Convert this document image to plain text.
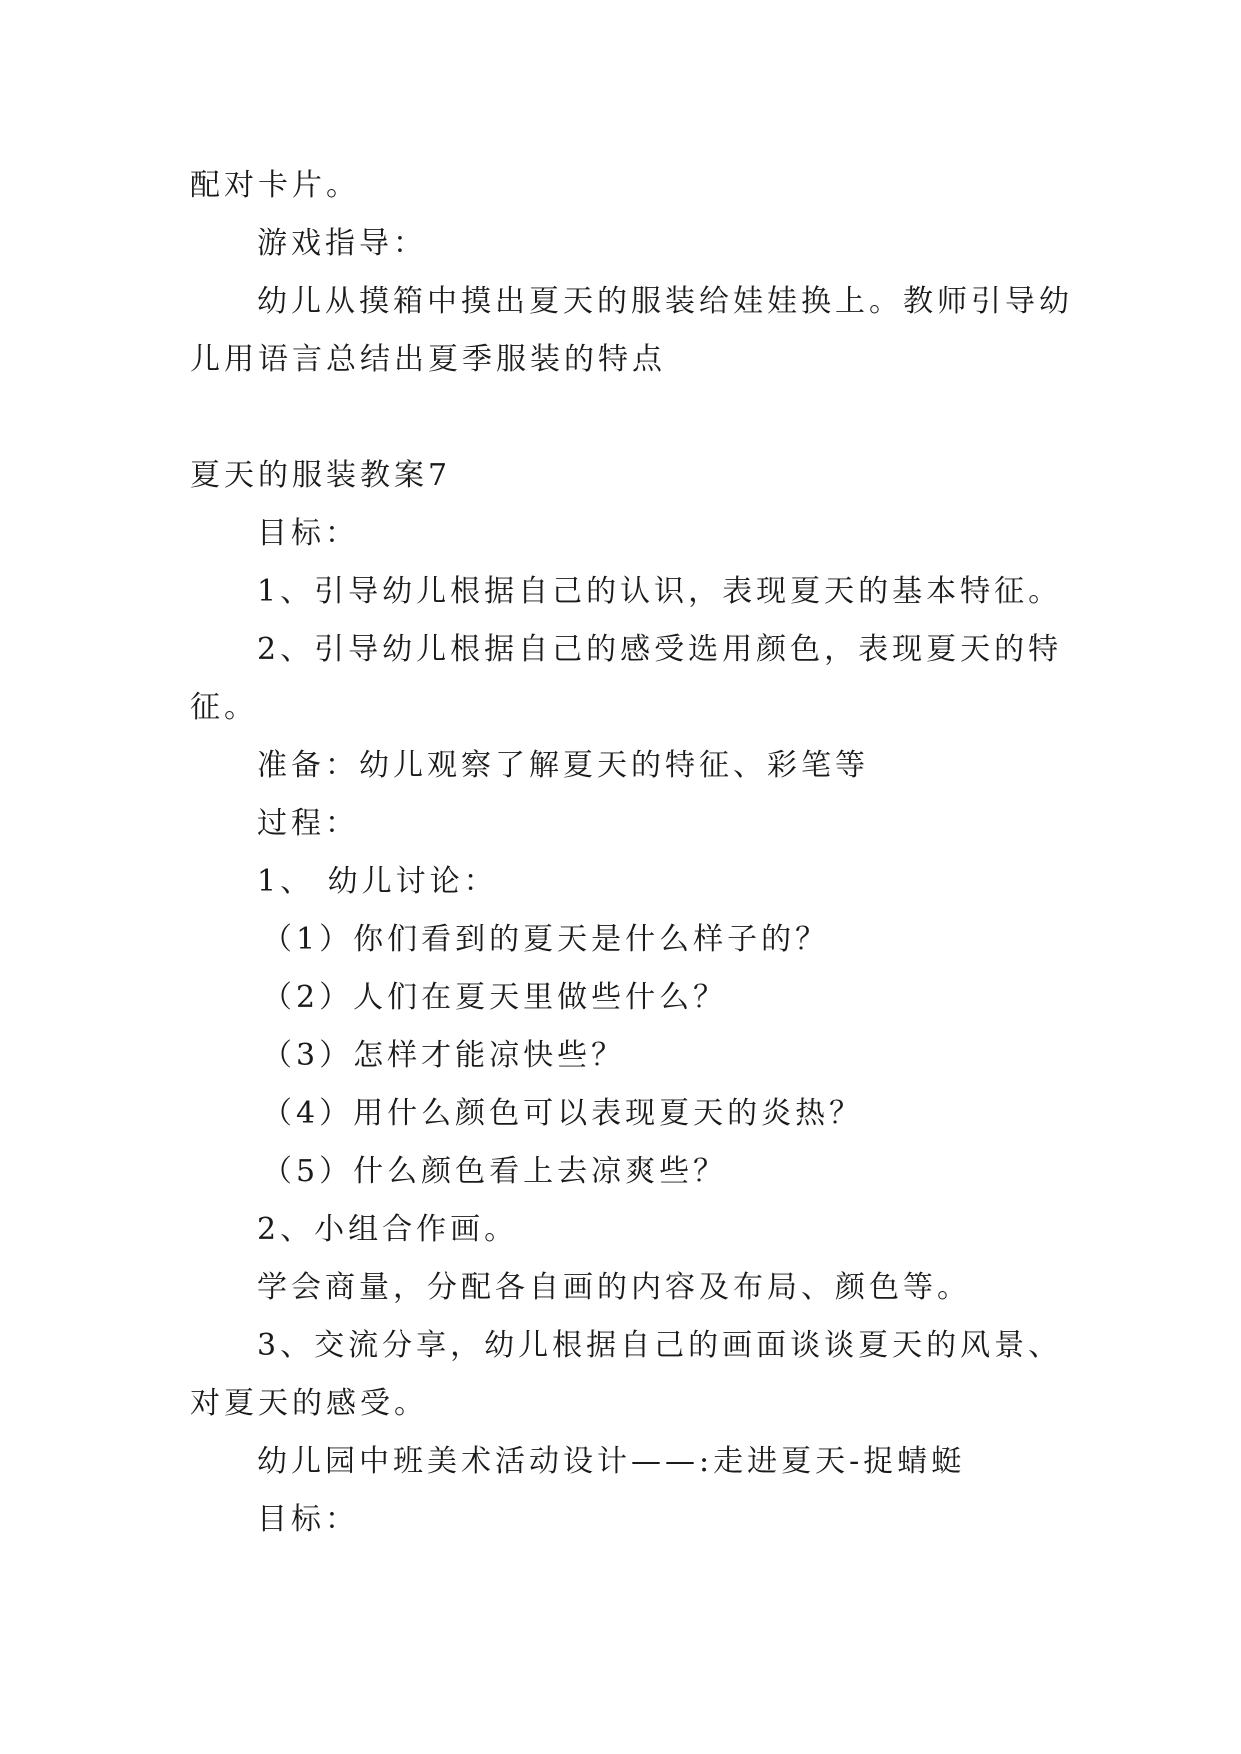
配对卡片。
游戏指导：
幼儿从摸箱中摸出夏天的服装给娃娃换上。教师引导幼
儿用语言总结出夏季服装的特点
夏天的服装教案7
目标：
1、引导幼儿根据自己的认识，表现夏天的基本特征。
2、引导幼儿根据自己的感受选用颜色，表现夏天的特
征。
准备：幼儿观察了解夏天的特征、彩笔等
过程：
1、 幼儿讨论：
（1）你们看到的夏天是什么样子的？
（2）人们在夏天里做些什么？
（3）怎样才能凉快些？
（4）用什么颜色可以表现夏天的炎热？
（5）什么颜色看上去凉爽些？
2、小组合作画。
学会商量，分配各自画的内容及布局、颜色等。
3、交流分享，幼儿根据自己的画面谈谈夏天的风景、
对夏天的感受。
幼儿园中班美术活动设计——:走进夏天-捉蜻蜓
目标：
